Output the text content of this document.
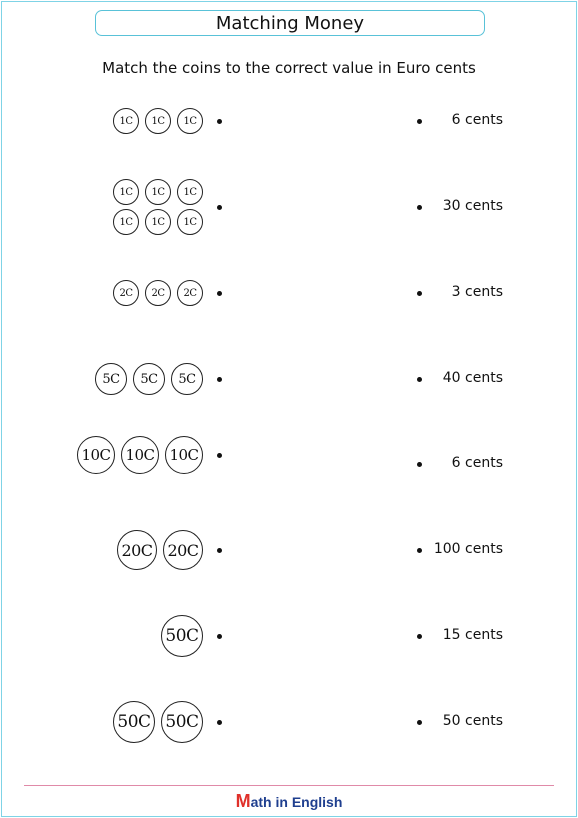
Matching Money
Match the coins to the correct value in Euro cents
1C	1C	1C	6 cents
1C	1C	1C
1C	1C	1C
30 cents
2C	2C	2C	3 cents
5C	5C	5C	40 cents
10C 10C 10C	6 cents
20C 20C	100 cents
50C	15 cents
50C 50C	50 cents
Math in English
